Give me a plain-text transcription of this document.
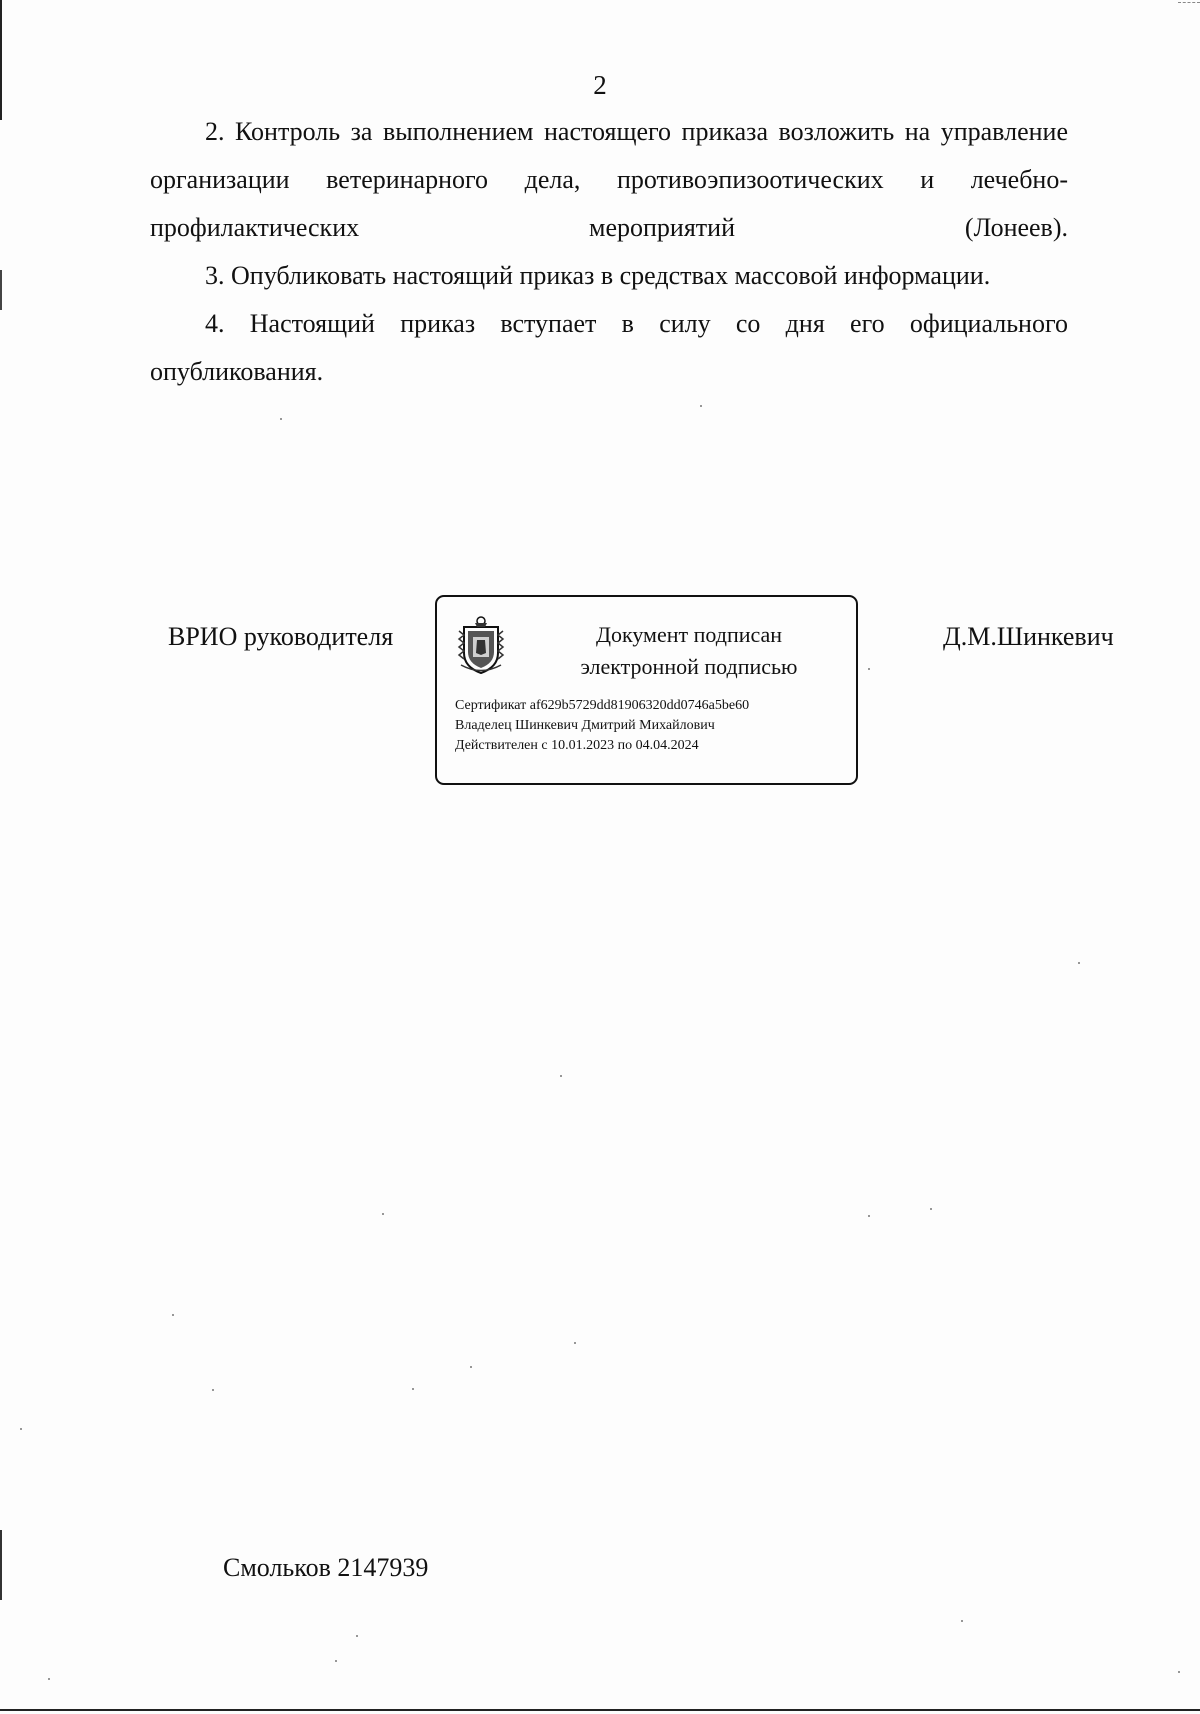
2

2. Контроль за выполнением настоящего приказа возложить на управление организации ветеринарного дела, противоэпизоотических и лечебно-профилактических мероприятий (Лонеев).

3. Опубликовать настоящий приказ в средствах массовой информации.

4. Настоящий приказ вступает в силу со дня его официального опубликования.

ВРИО руководителя	Документ подписан
электронной подписью
Сертификат af629b5729dd81906320dd0746a5be60
Владелец Шинкевич Дмитрий Михайлович
Действителен с 10.01.2023 по 04.04.2024
Д.М.Шинкевич
Смольков 2147939
